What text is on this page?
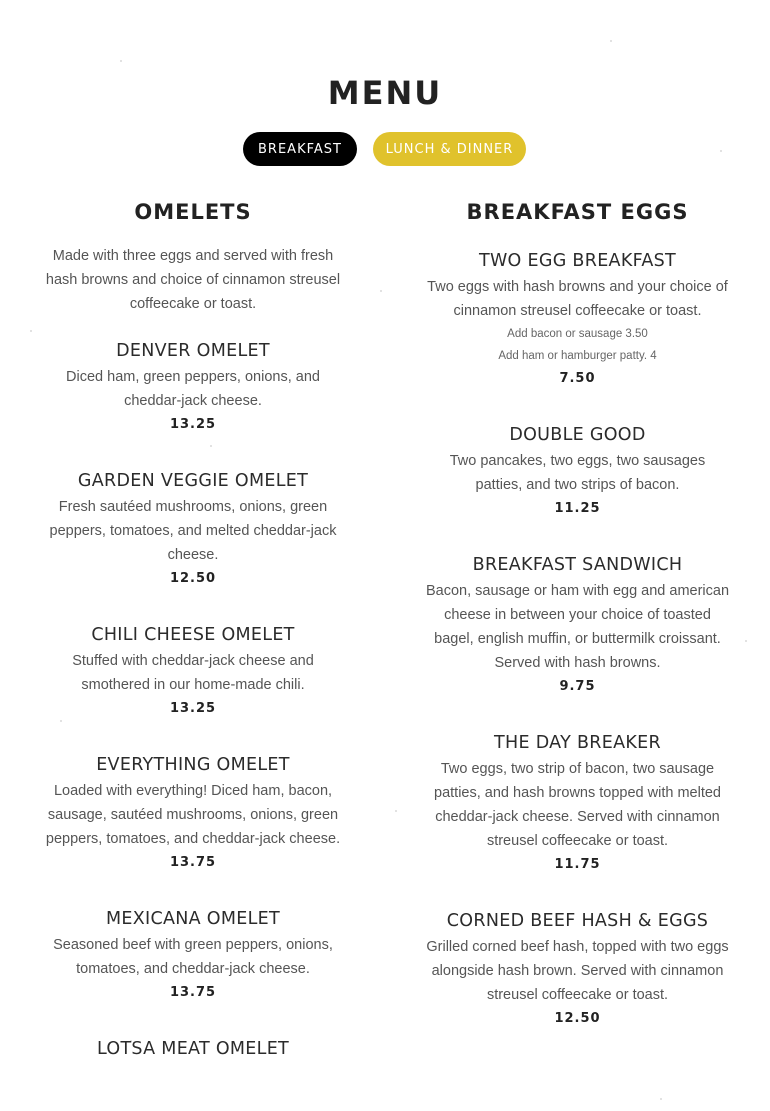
MENU
BREAKFAST	LUNCH & DINNER
OMELETS

Made with three eggs and served with fresh hash browns and choice of cinnamon streusel coffeecake or toast.

DENVER OMELET

Diced ham, green peppers, onions, and cheddar-jack cheese.

13.25

GARDEN VEGGIE OMELET

Fresh sautéed mushrooms, onions, green peppers, tomatoes, and melted cheddar-jack cheese.

12.50

CHILI CHEESE OMELET

Stuffed with cheddar-jack cheese and smothered in our home-made chili.

13.25

EVERYTHING OMELET

Loaded with everything! Diced ham, bacon, sausage, sautéed mushrooms, onions, green peppers, tomatoes, and cheddar-jack cheese.

13.75

MEXICANA OMELET

Seasoned beef with green peppers, onions, tomatoes, and cheddar-jack cheese.

13.75

LOTSA MEAT OMELET

BREAKFAST EGGS

TWO EGG BREAKFAST

Two eggs with hash browns and your choice of cinnamon streusel coffeecake or toast.

Add bacon or sausage 3.50

Add ham or hamburger patty. 4

7.50

DOUBLE GOOD

Two pancakes, two eggs, two sausages patties, and two strips of bacon.

11.25

BREAKFAST SANDWICH

Bacon, sausage or ham with egg and american cheese in between your choice of toasted bagel, english muffin, or buttermilk croissant. Served with hash browns.

9.75

THE DAY BREAKER

Two eggs, two strip of bacon, two sausage patties, and hash browns topped with melted cheddar-jack cheese. Served with cinnamon streusel coffeecake or toast.

11.75

CORNED BEEF HASH & EGGS

Grilled corned beef hash, topped with two eggs alongside hash brown. Served with cinnamon streusel coffeecake or toast.

12.50
